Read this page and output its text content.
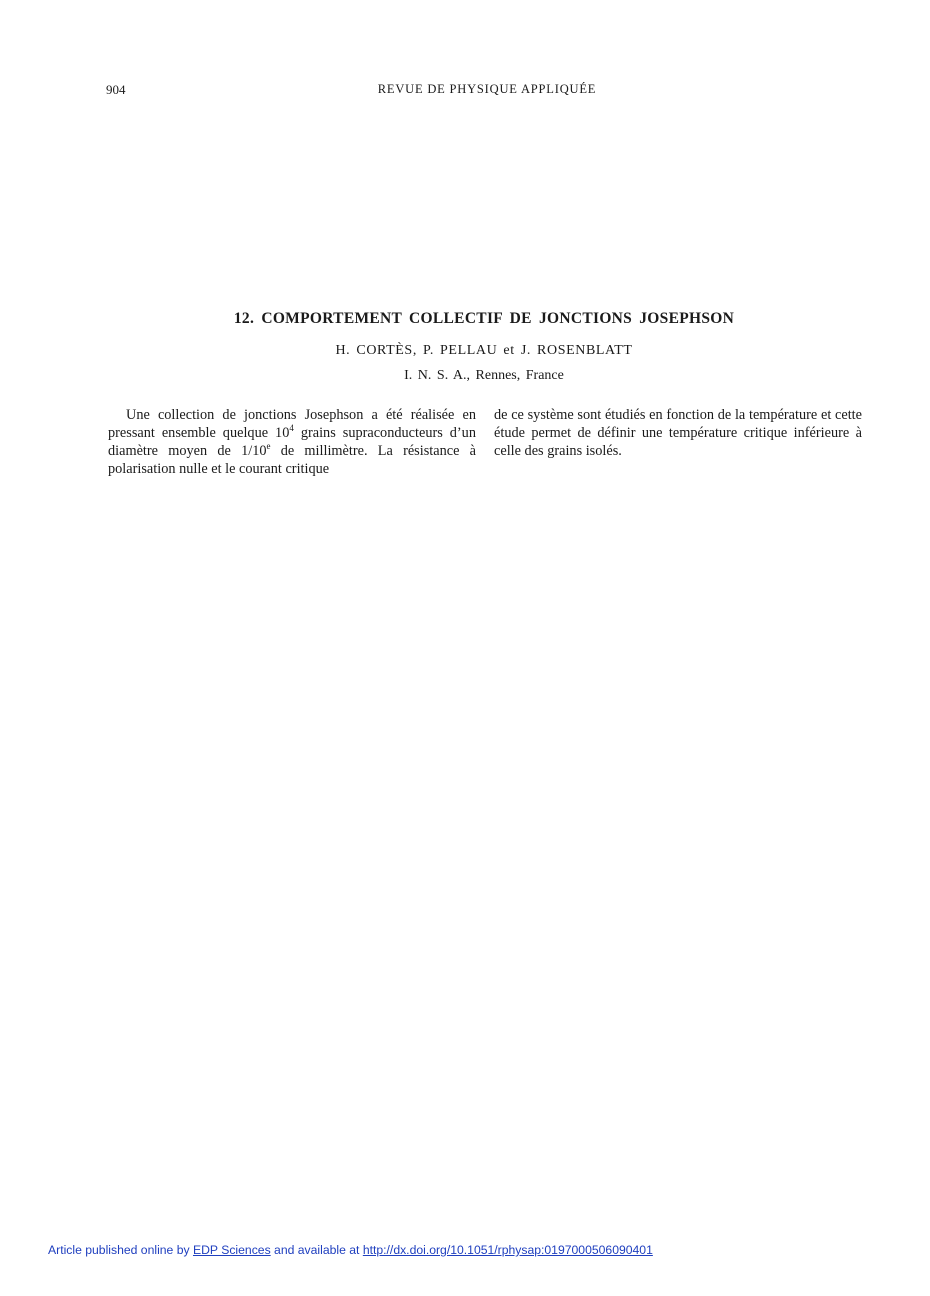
904	REVUE DE PHYSIQUE APPLIQUÉE
12. COMPORTEMENT COLLECTIF DE JONCTIONS JOSEPHSON
H. CORTÈS, P. PELLAU et J. ROSENBLATT
I. N. S. A., Rennes, France

Une collection de jonctions Josephson a été réalisée en pressant ensemble quelque $10^4$ grains supraconducteurs d’un diamètre moyen de 1/10e de millimètre. La résistance à polarisation nulle et le courant critique

de ce système sont étudiés en fonction de la température et cette étude permet de définir une température critique inférieure à celle des grains isolés.

Article published online by EDP Sciences and available at http://dx.doi.org/10.1051/rphysap:0197000506090401
